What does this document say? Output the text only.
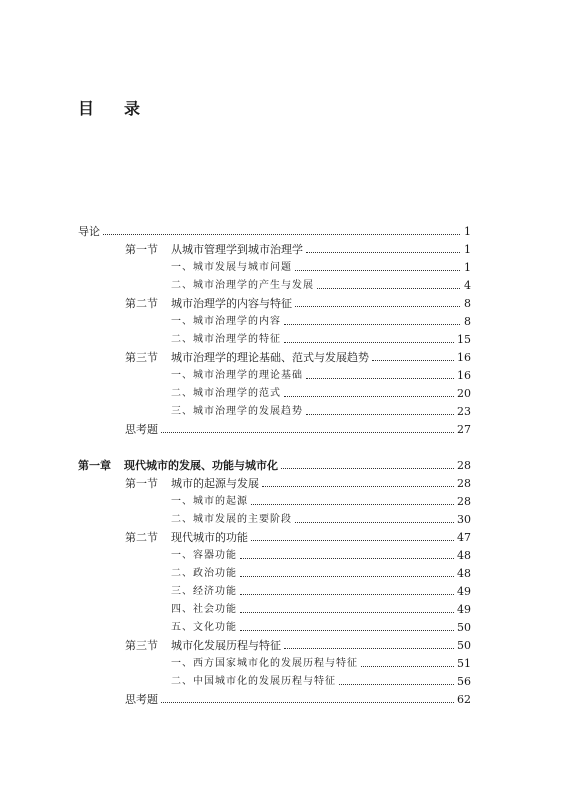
目 录
导论	1
第一节 从城市管理学到城市治理学	1
一、城市发展与城市问题	1
二、城市治理学的产生与发展	4
第二节 城市治理学的内容与特征	8
一、城市治理学的内容	8
二、城市治理学的特征	15
第三节 城市治理学的理论基础、范式与发展趋势	16
一、城市治理学的理论基础	16
二、城市治理学的范式	20
三、城市治理学的发展趋势	23
思考题	27
第一章 现代城市的发展、功能与城市化	28
第一节 城市的起源与发展	28
一、城市的起源	28
二、城市发展的主要阶段	30
第二节 现代城市的功能	47
一、容器功能	48
二、政治功能	48
三、经济功能	49
四、社会功能	49
五、文化功能	50
第三节 城市化发展历程与特征	50
一、西方国家城市化的发展历程与特征	51
二、中国城市化的发展历程与特征	56
思考题	62
